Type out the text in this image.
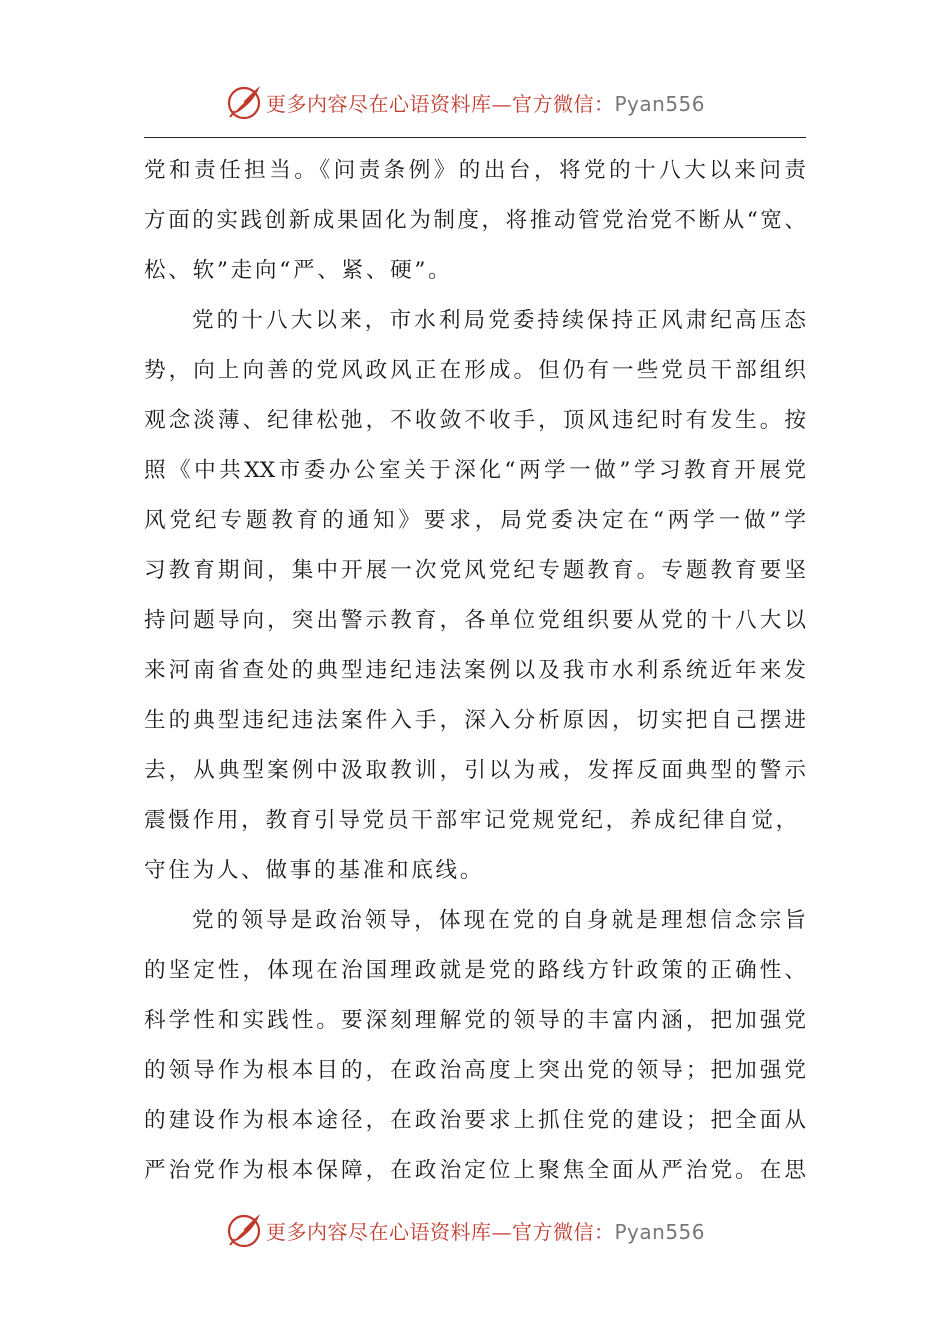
更多内容尽在心语资料库—官方微信：Pyan556
党和责任担当。《问责条例》的出台，将党的十八大以来问责
方面的实践创新成果固化为制度，将推动管党治党不断从“宽、
松、软”走向“严、紧、硬”。
党的十八大以来，市水利局党委持续保持正风肃纪高压态
势，向上向善的党风政风正在形成。但仍有一些党员干部组织
观念淡薄、纪律松弛，不收敛不收手，顶风违纪时有发生。按
照《中共XX市委办公室关于深化“两学一做”学习教育开展党
风党纪专题教育的通知》要求，局党委决定在“两学一做”学
习教育期间，集中开展一次党风党纪专题教育。专题教育要坚
持问题导向，突出警示教育，各单位党组织要从党的十八大以
来河南省查处的典型违纪违法案例以及我市水利系统近年来发
生的典型违纪违法案件入手，深入分析原因，切实把自己摆进
去，从典型案例中汲取教训，引以为戒，发挥反面典型的警示
震慑作用，教育引导党员干部牢记党规党纪，养成纪律自觉，
守住为人、做事的基准和底线。
党的领导是政治领导，体现在党的自身就是理想信念宗旨
的坚定性，体现在治国理政就是党的路线方针政策的正确性、
科学性和实践性。要深刻理解党的领导的丰富内涵，把加强党
的领导作为根本目的，在政治高度上突出党的领导；把加强党
的建设作为根本途径，在政治要求上抓住党的建设；把全面从
严治党作为根本保障，在政治定位上聚焦全面从严治党。在思
更多内容尽在心语资料库—官方微信：Pyan556
